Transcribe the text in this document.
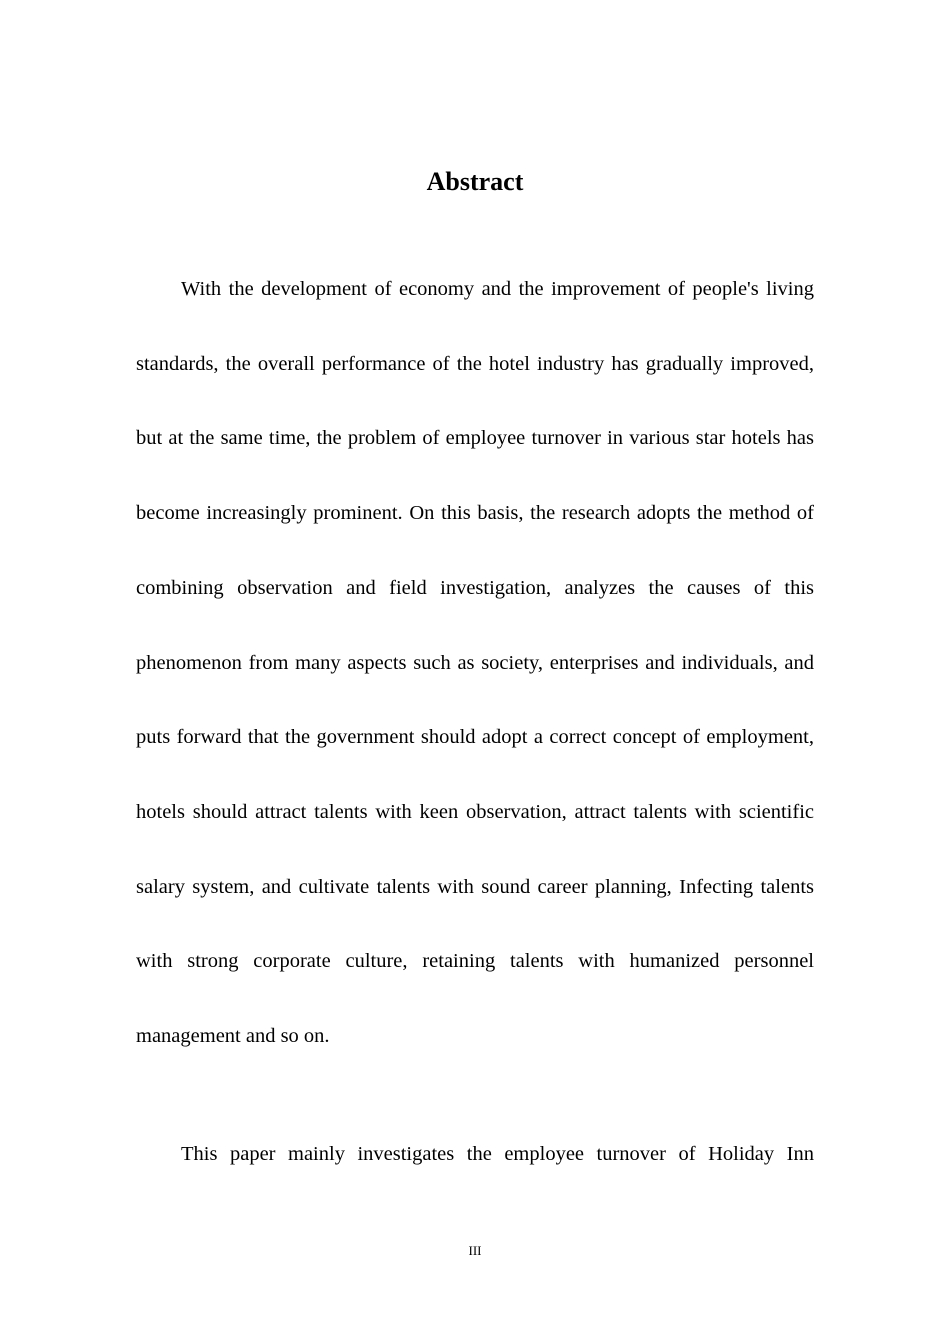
Abstract

With the development of economy and the improvement of people's living standards, the overall performance of the hotel industry has gradually improved, but at the same time, the problem of employee turnover in various star hotels has become increasingly prominent. On this basis, the research adopts the method of combining observation and field investigation, analyzes the causes of this phenomenon from many aspects such as society, enterprises and individuals, and puts forward that the government should adopt a correct concept of employment, hotels should attract talents with keen observation, attract talents with scientific salary system, and cultivate talents with sound career planning, Infecting talents with strong corporate culture, retaining talents with humanized personnel management and so on.

This paper mainly investigates the employee turnover of Holiday Inn

III
